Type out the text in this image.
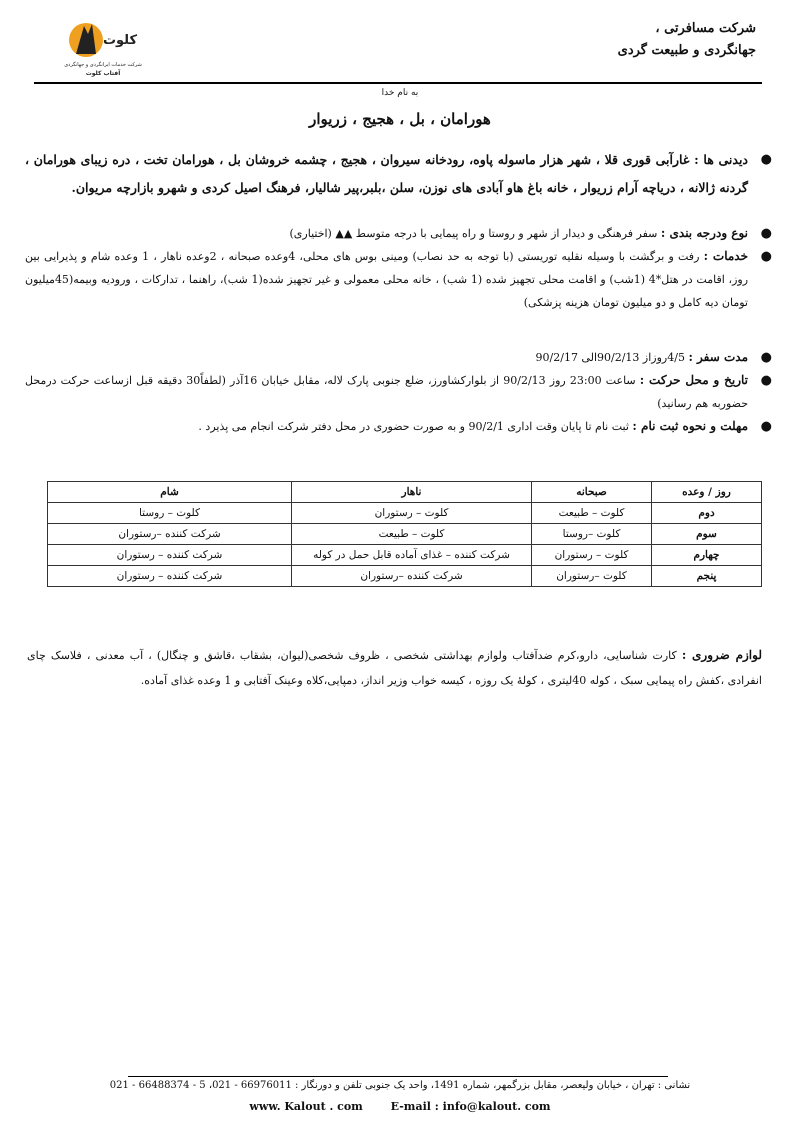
شرکت مسافرتی ،
جهانگردی و طبیعت گردی
کلوت
شرکت خدمات ایرانگردی و جهانگردی
آفتاب کلوت
به نام خدا
هورامان ، بل ، هجیج ، زریوار
●
دیدنی ها : غارآبی قوری قلا ، شهر هزار ماسوله پاوه، رودخانه سیروان ، هجیج ، چشمه خروشان بل ، هورامان تخت ، دره زیبای هورامان ، گردنه ژالانه ، دریاچه آرام زریوار ، خانه باغ هاو آبادی های نوزن، سلن ،بلبر،پیر شالیار، فرهنگ اصیل کردی و شهرو بازارچه مریوان.
●
نوع ودرجه بندی : سفر فرهنگی و دیدار از شهر و روستا و راه پیمایی با درجه متوسط ▲▲ (اختیاری)
●
خدمات : رفت و برگشت با وسیله نقلیه توریستی (با توجه به حد نصاب) ومینی بوس های محلی، 4وعده صبحانه ، 2وعده ناهار ، 1 وعده شام و پذیرایی بین روز، اقامت در هتل*4 (1شب) و اقامت محلی تجهیز شده (1 شب) ، خانه محلی معمولی و غیر تجهیز شده(1 شب)، راهنما ، تدارکات ، ورودیه وبیمه(45میلیون تومان دیه کامل و دو میلیون تومان هزینه پزشکی)
●
مدت سفر : 4/5روزاز 90/2/13الی 90/2/17
●
تاریخ و محل حرکت : ساعت 23:00 روز 90/2/13 از بلوارکشاورز، ضلع جنوبی پارک لاله، مقابل خیابان 16آذر (لطفاً30 دقیقه قبل ازساعت حرکت درمحل حضوربه هم رسانید)
●
مهلت و نحوه ثبت نام : ثبت نام تا پایان وقت اداری 90/2/1 و به صورت حضوری در محل دفتر شرکت انجام می پذیرد .
روز / وعده	صبحانه	ناهار	شام
دوم	کلوت – طبیعت	کلوت – رستوران	کلوت – روستا
سوم	کلوت –روستا	کلوت – طبیعت	شرکت کننده –رستوران
چهارم	کلوت – رستوران	شرکت کننده – غذای آماده قابل حمل در کوله	شرکت کننده – رستوران
پنجم	کلوت –رستوران	شرکت کننده –رستوران	شرکت کننده – رستوران
لوازم ضروری : کارت شناسایی، دارو،کرم ضدآفتاب ولوازم بهداشتی شخصی ، ظروف شخصی(لیوان، بشقاب ،قاشق و چنگال) ، آب معدنی ، فلاسک چای انفرادی ،کفش راه پیمایی سبک ، کوله 40لیتری ، کولهٔ یک روزه ، کیسه خواب وزیر انداز، دمپایی،کلاه وعینک آفتابی و 1 وعده غذای آماده.
نشانی : تهران ، خیابان ولیعصر، مقابل بزرگمهر، شماره 1491، واحد یک جنوبی تلفن و دورنگار : 66976011 - 021، 5 - 66488374 - 021
www. Kalout . com	E-mail : info@kalout. com
